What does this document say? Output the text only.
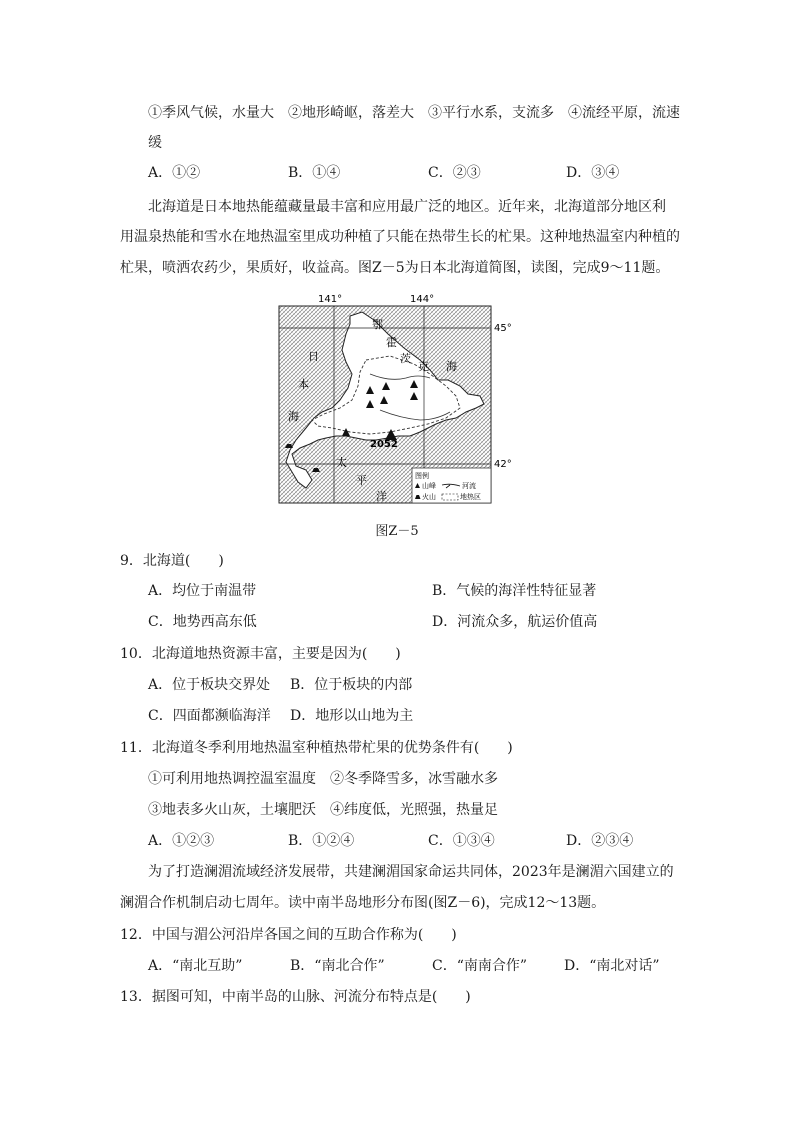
①季风气候，水量大　②地形崎岖，落差大　③平行水系，支流多　④流经平原，流速
缓
A．①②	B．①④	C．②③	D．③④
北海道是日本地热能蕴藏量最丰富和应用最广泛的地区。近年来，北海道部分地区利
用温泉热能和雪水在地热温室里成功种植了只能在热带生长的杧果。这种地热温室内种植的
杧果，喷洒农药少，果质好，收益高。图Z－5为日本北海道简图，读图，完成9～11题。
141°	144°
45°
42°
鄂
霍
茨
克 海
日
本
海
太
平
洋
2052
图例
山峰	河流
火山	地热区
图Z－5
9．北海道(　　)
A．均位于南温带	B．气候的海洋性特征显著
C．地势西高东低	D．河流众多，航运价值高
10．北海道地热资源丰富，主要是因为(　　)
A．位于板块交界处 B．位于板块的内部
C．四面都濒临海洋 D．地形以山地为主
11．北海道冬季利用地热温室种植热带杧果的优势条件有(　　)
①可利用地热调控温室温度　②冬季降雪多，冰雪融水多
③地表多火山灰，土壤肥沃　④纬度低，光照强，热量足
A．①②③	B．①②④	C．①③④	D．②③④
为了打造澜湄流域经济发展带，共建澜湄国家命运共同体，2023年是澜湄六国建立的
澜湄合作机制启动七周年。读中南半岛地形分布图(图Z－6)，完成12～13题。
12．中国与湄公河沿岸各国之间的互助合作称为(　　)
A．“南北互助”	B．“南北合作”	C．“南南合作”	D．“南北对话”
13．据图可知，中南半岛的山脉、河流分布特点是(　　)
